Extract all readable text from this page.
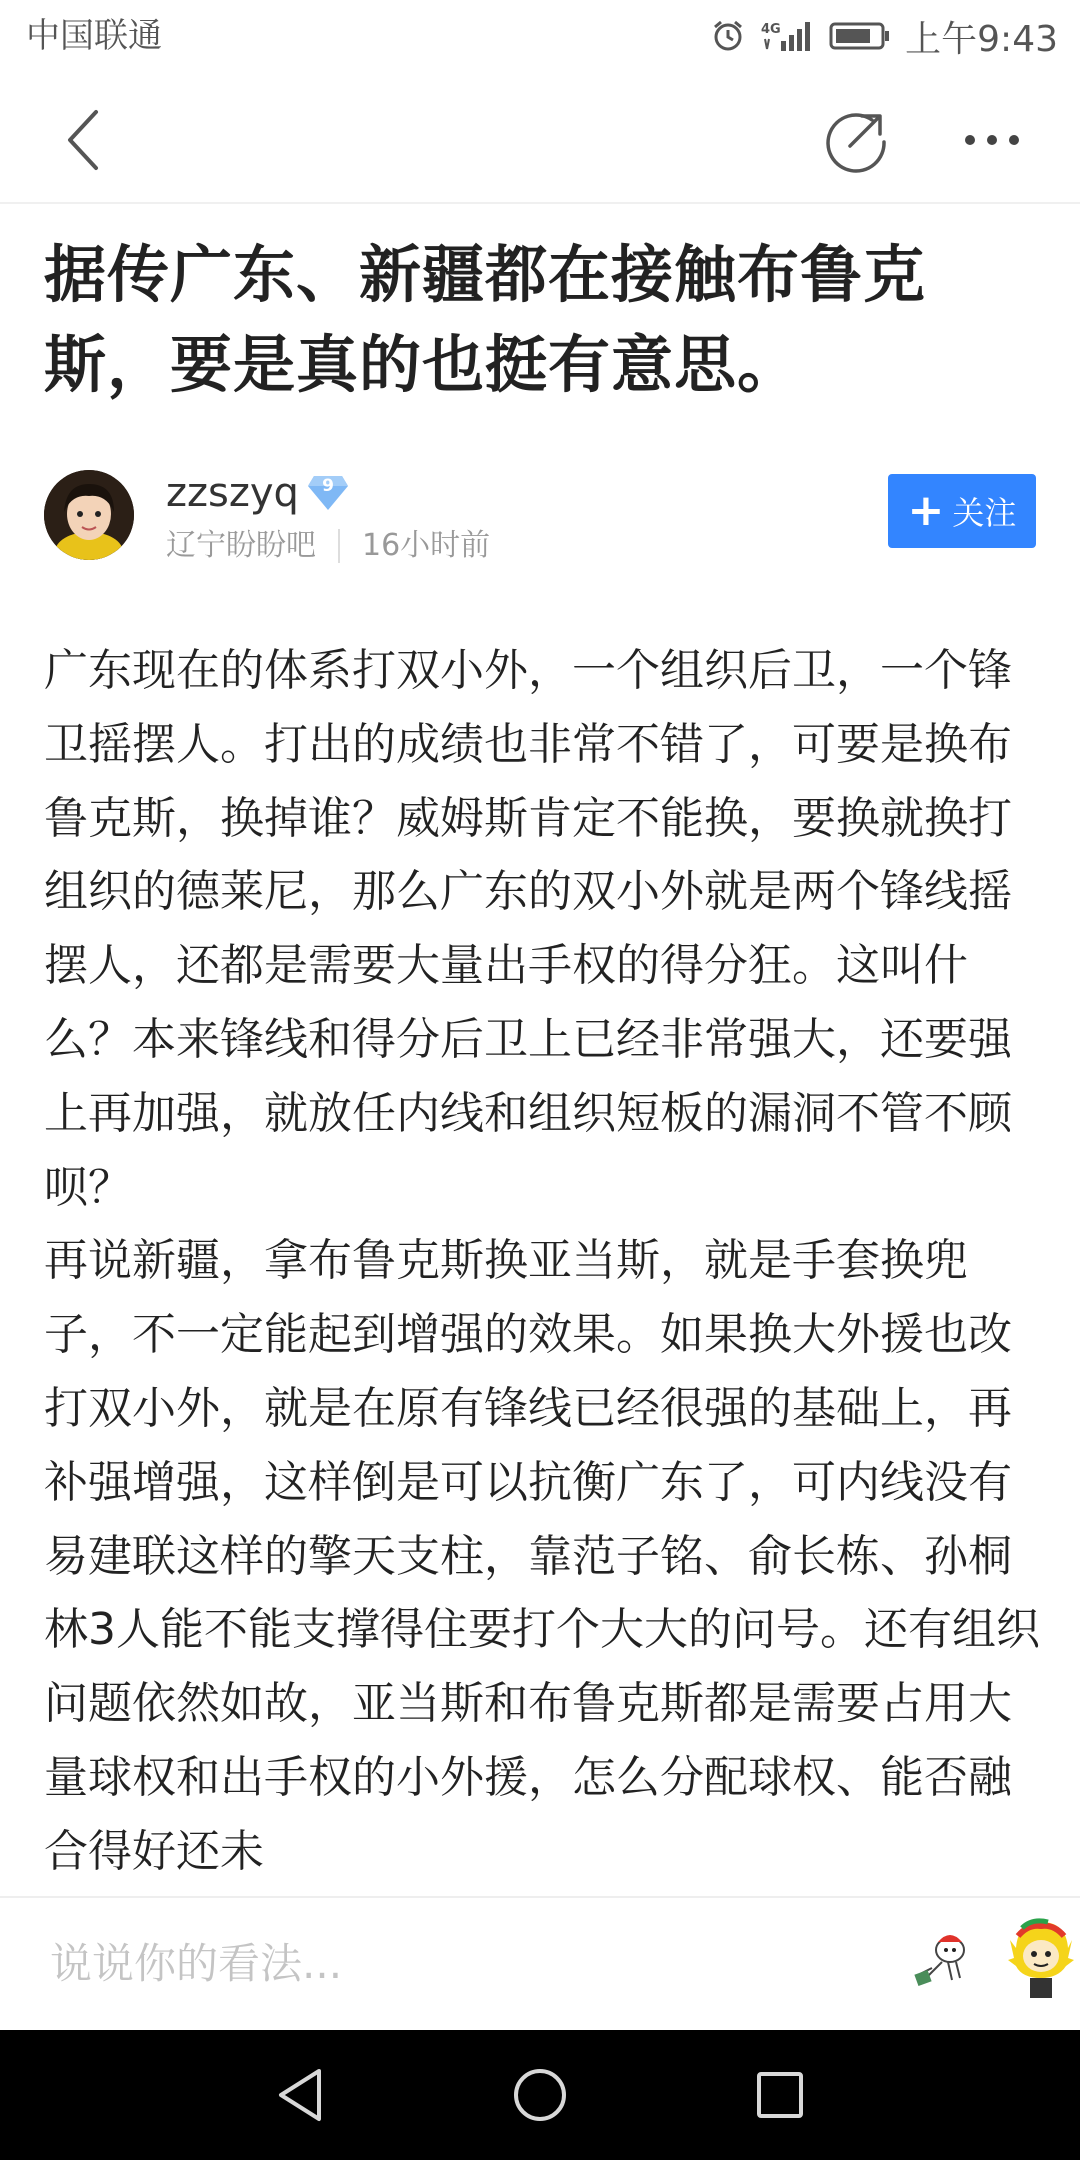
中国联通	4G	上午9:43
据传广东、新疆都在接触布鲁克斯，要是真的也挺有意思。
zzszyq	9
辽宁盼盼吧 16小时前
+ 关注
广东现在的体系打双小外，一个组织后卫，一个锋卫摇摆人。打出的成绩也非常不错了，可要是换布鲁克斯，换掉谁？威姆斯肯定不能换，要换就换打组织的德莱尼，那么广东的双小外就是两个锋线摇摆人，还都是需要大量出手权的得分狂。这叫什么？本来锋线和得分后卫上已经非常强大，还要强上再加强，就放任内线和组织短板的漏洞不管不顾呗？
再说新疆，拿布鲁克斯换亚当斯，就是手套换兜子，不一定能起到增强的效果。如果换大外援也改打双小外，就是在原有锋线已经很强的基础上，再补强增强，这样倒是可以抗衡广东了，可内线没有易建联这样的擎天支柱，靠范子铭、俞长栋、孙桐林3人能不能支撑得住要打个大大的问号。还有组织问题依然如故，亚当斯和布鲁克斯都是需要占用大量球权和出手权的小外援，怎么分配球权、能否融合得好还未
说说你的看法...
